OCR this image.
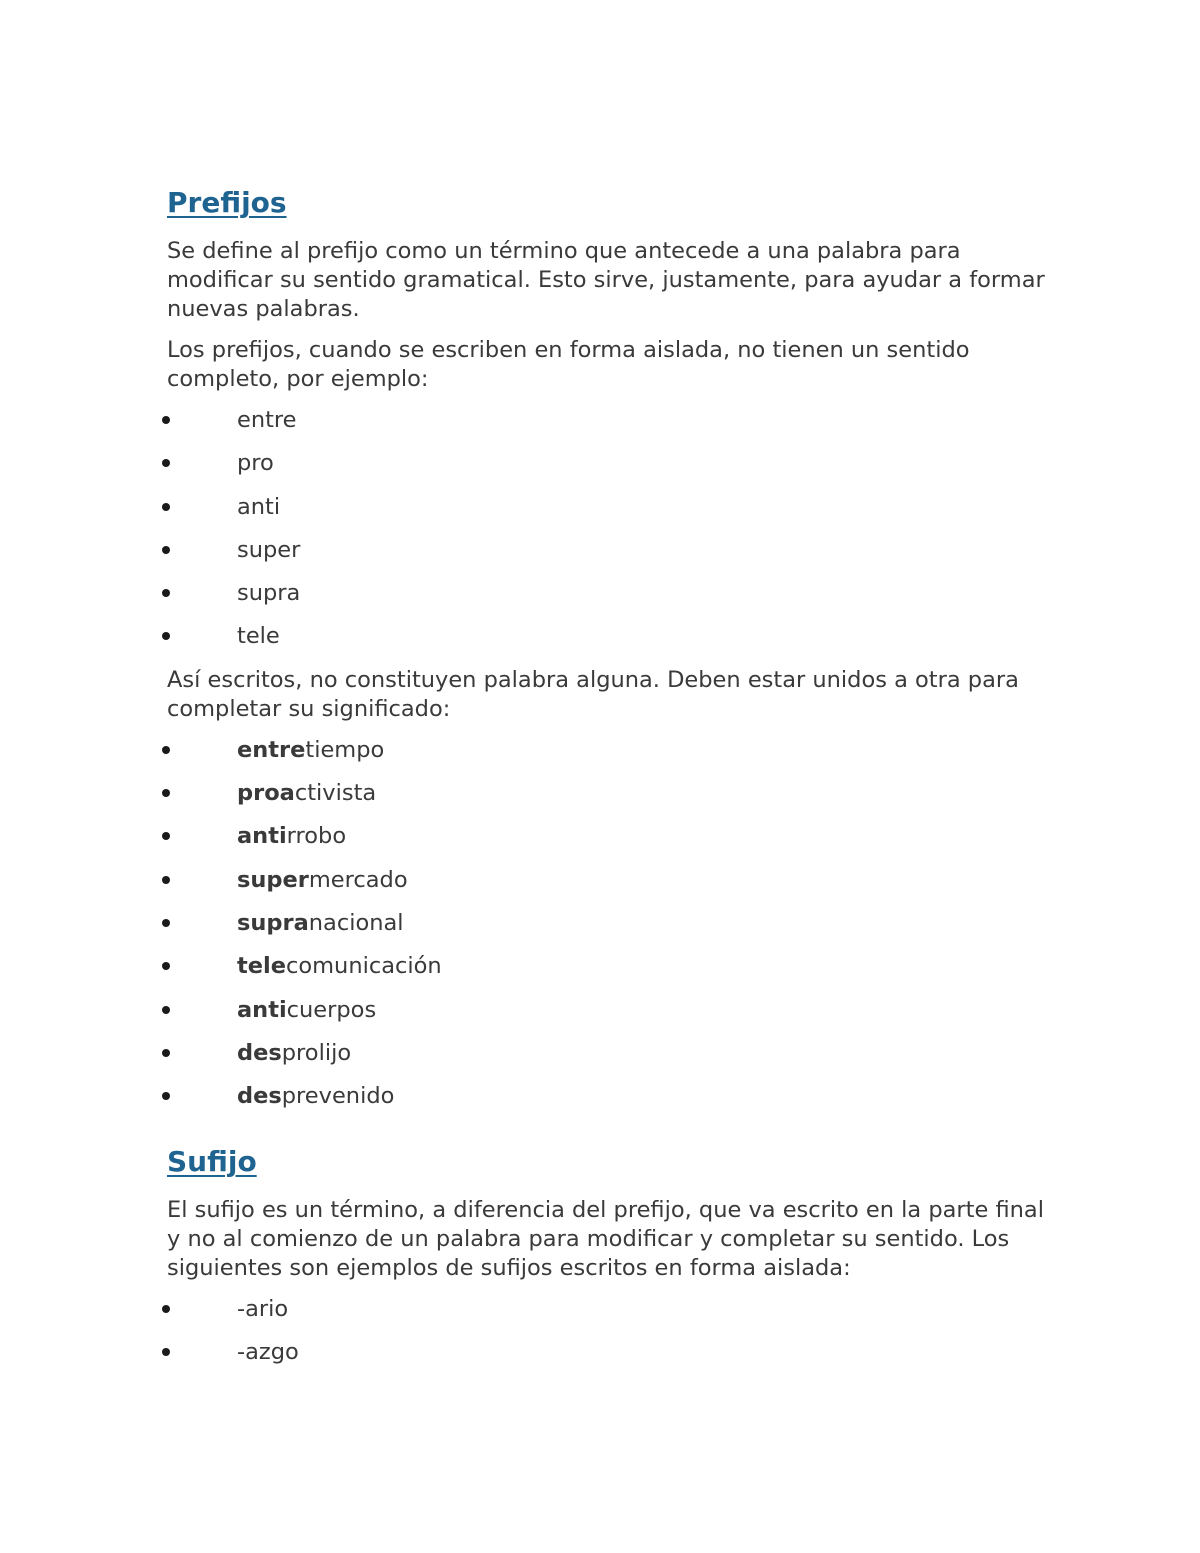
Prefijos

Se define al prefijo como un término que antecede a una palabra para modificar su sentido gramatical. Esto sirve, justamente, para ayudar a formar nuevas palabras.

Los prefijos, cuando se escriben en forma aislada, no tienen un sentido completo, por ejemplo:

entre
pro
anti
super
supra
tele

Así escritos, no constituyen palabra alguna. Deben estar unidos a otra para completar su significado:

entretiempo
proactivista
antirrobo
supermercado
supranacional
telecomunicación
anticuerpos
desprolijo
desprevenido
Sufijo

El sufijo es un término, a diferencia del prefijo, que va escrito en la parte final y no al comienzo de un palabra para modificar y completar su sentido. Los siguientes son ejemplos de sufijos escritos en forma aislada:

-ario
-azgo
